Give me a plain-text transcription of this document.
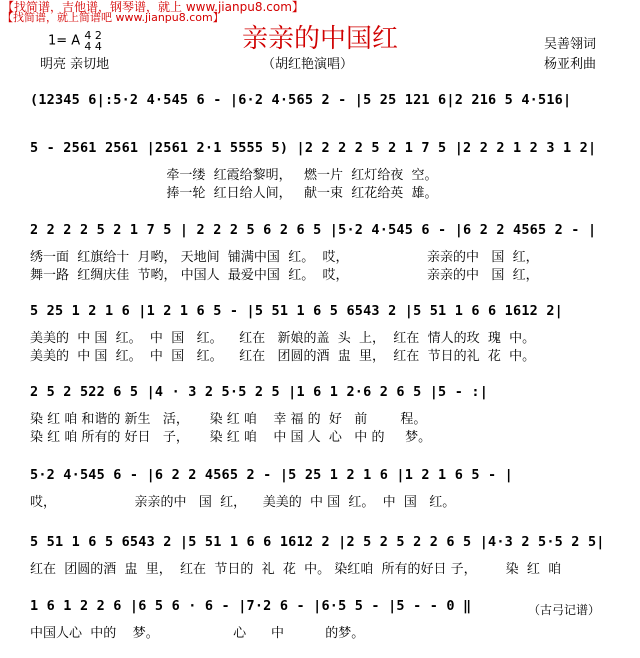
【找简谱，吉他谱，钢琴谱，就上 www.jianpu8.com】
【找简谱，就上简谱吧 www.jianpu8.com】
亲亲的中国红
1= A 4 2
4 4
明亮 亲切地	（胡红艳演唱）
吴善翎词
杨亚利曲
(12345 6|:5·2 4·545 6 - |6·2 4·565 2 - |5 25 121 6|2 216 5 4·516|
5 - 2561 2561 |2561 2·1 5555 5) |2 2 2 2 5 2 1 7 5 |2 2 2 1 2 3 1 2|
牵一缕  红霞给黎明，   燃一片  红灯给夜  空。
捧一轮  红日给人间，   献一束  红花给英  雄。
2 2 2 2 5 2 1 7 5 | 2 2 2 5 6 2 6 5 |5·2 4·545 6 - |6 2 2 4565 2 - |
绣一面  红旗给十  月哟， 天地间  铺满中国  红。  哎，                   亲亲的中   国  红，
舞一路  红绸庆佳  节哟， 中国人  最爱中国  红。  哎，                   亲亲的中   国  红，
5 25 1 2 1 6 |1 2 1 6 5 - |5 51 1 6 5 6543 2 |5 51 1 6 6 1612 2|
美美的  中 国  红。  中  国   红。    红在   新娘的盖  头  上，  红在  情人的玫  瑰  中。
美美的  中 国  红。  中  国   红。    红在   团圆的酒  盅  里，  红在  节日的礼  花  中。
2 5 2 522 6 5 |4 · 3 2 5·5 2 5 |1 6 1 2·6 2 6 5 |5 - :|
染 红 咱 和谐的 新生   活，     染 红 咱    幸 福 的  好   前        程。
染 红 咱 所有的 好日   子，     染 红 咱    中 国 人  心   中 的     梦。
5·2 4·545 6 - |6 2 2 4565 2 - |5 25 1 2 1 6 |1 2 1 6 5 - |
哎，                   亲亲的中   国  红，    美美的  中 国  红。  中  国   红。
5 51 1 6 5 6543 2 |5 51 1 6 6 1612 2 |2 5 2 5 2 2 6 5 |4·3 2 5·5 2 5|
红在  团圆的酒  盅  里，  红在  节日的  礼  花  中。 染红咱  所有的好日 子，       染  红  咱
1 6 1 2 2 6 |6 5 6 · 6 - |7·2 6 - |6·5 5 - |5 - - 0 ‖
中国人心  中的    梦。                  心      中          的梦。
（古弓记谱）
